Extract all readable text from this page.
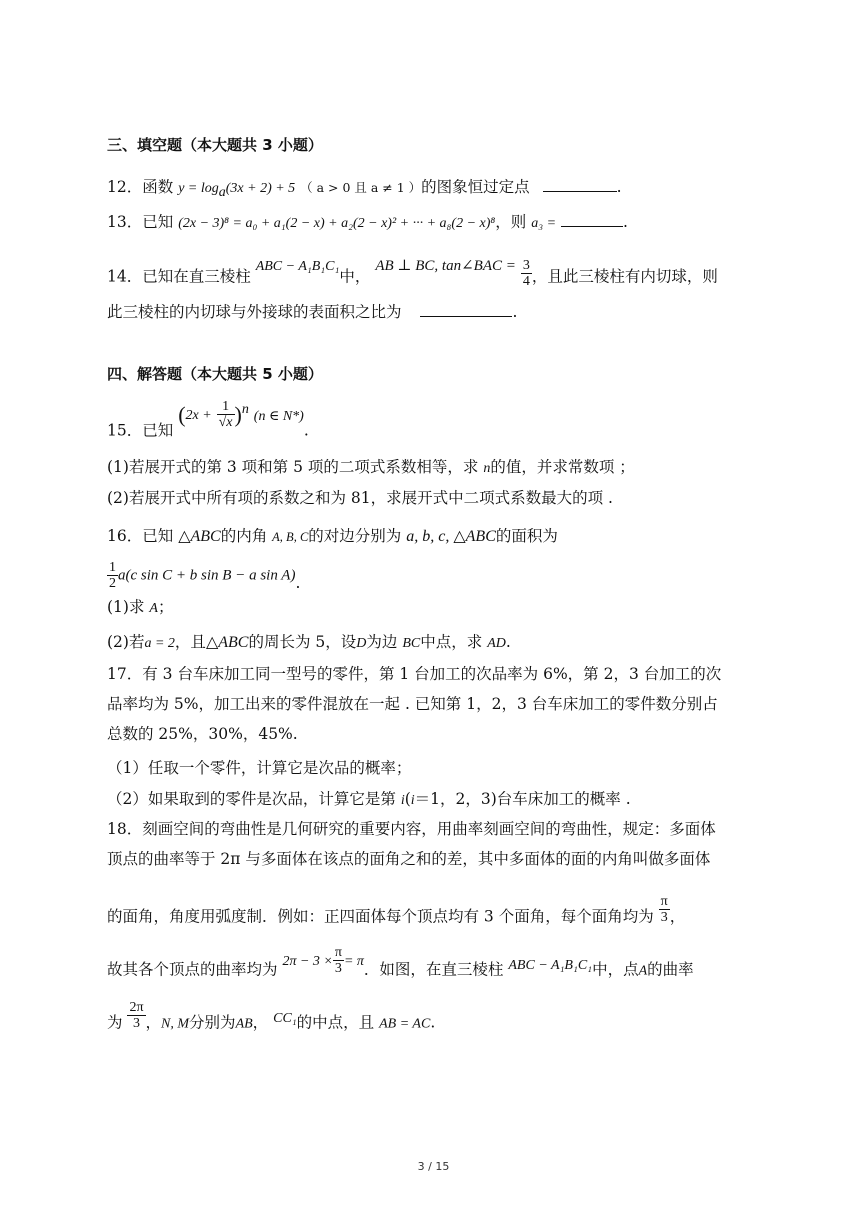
三、填空题（本大题共 3 小题）
12．函数 $y = \log_a(3x + 2) + 5$ （ a > 0 且 a ≠ 1 ）的图象恒过定点	.
13．已知 (2x − 3)⁸ = a₀ + a₁(2 − x) + a₂(2 − x)² + ··· + a₈(2 − x)⁸，则 a₃ =	.
14．已知在直三棱柱 ABC − A₁B₁C₁中， AB ⊥ BC, tan∠BAC = $\frac{3}{4}$ ，且此三棱柱有内切球，则
此三棱柱的内切球与外接球的表面积之比为	.
四、解答题（本大题共 5 小题）
15．已知 $(2x + \frac{1}{√x} )^n$ (n ∈ N*).
(1)若展开式的第 3 项和第 5 项的二项式系数相等，求 n的值，并求常数项 ；
(2)若展开式中所有项的系数之和为 81，求展开式中二项式系数最大的项 .
16．已知 △ABC的内角 A, B, C的对边分别为 a, b, c, △ABC的面积为
$\frac{1}{2} a(c$ sin C + b sin B − a sin A).
(1)求 A；
(2)若a = 2，且△ABC的周长为 5，设D为边 BC中点，求 AD.
17．有 3 台车床加工同一型号的零件，第 1 台加工的次品率为 6%，第 2，3 台加工的次
品率均为 5%，加工出来的零件混放在一起 . 已知第 1，2，3 台车床加工的零件数分别占
总数的 25%，30%，45%.
（1）任取一个零件，计算它是次品的概率；
（2）如果取到的零件是次品，计算它是第 i(i＝1，2，3)台车床加工的概率 .
18．刻画空间的弯曲性是几何研究的重要内容，用曲率刻画空间的弯曲性，规定：多面体
顶点的曲率等于 2π 与多面体在该点的面角之和的差，其中多面体的面的内角叫做多面体
的面角，角度用弧度制．例如：正四面体每个顶点均有 3 个面角，每个面角均为 $\frac{\pi}{3}$ ，
故其各个顶点的曲率均为 $2\pi - 3 \times \frac{\pi}{3} = \pi$．如图，在直三棱柱 ABC − A₁B₁C₁中，点A的曲率
为 $\frac{2\pi}{3}$ ，N, M分别为AB， CC₁的中点，且 AB = AC.
3 / 15
